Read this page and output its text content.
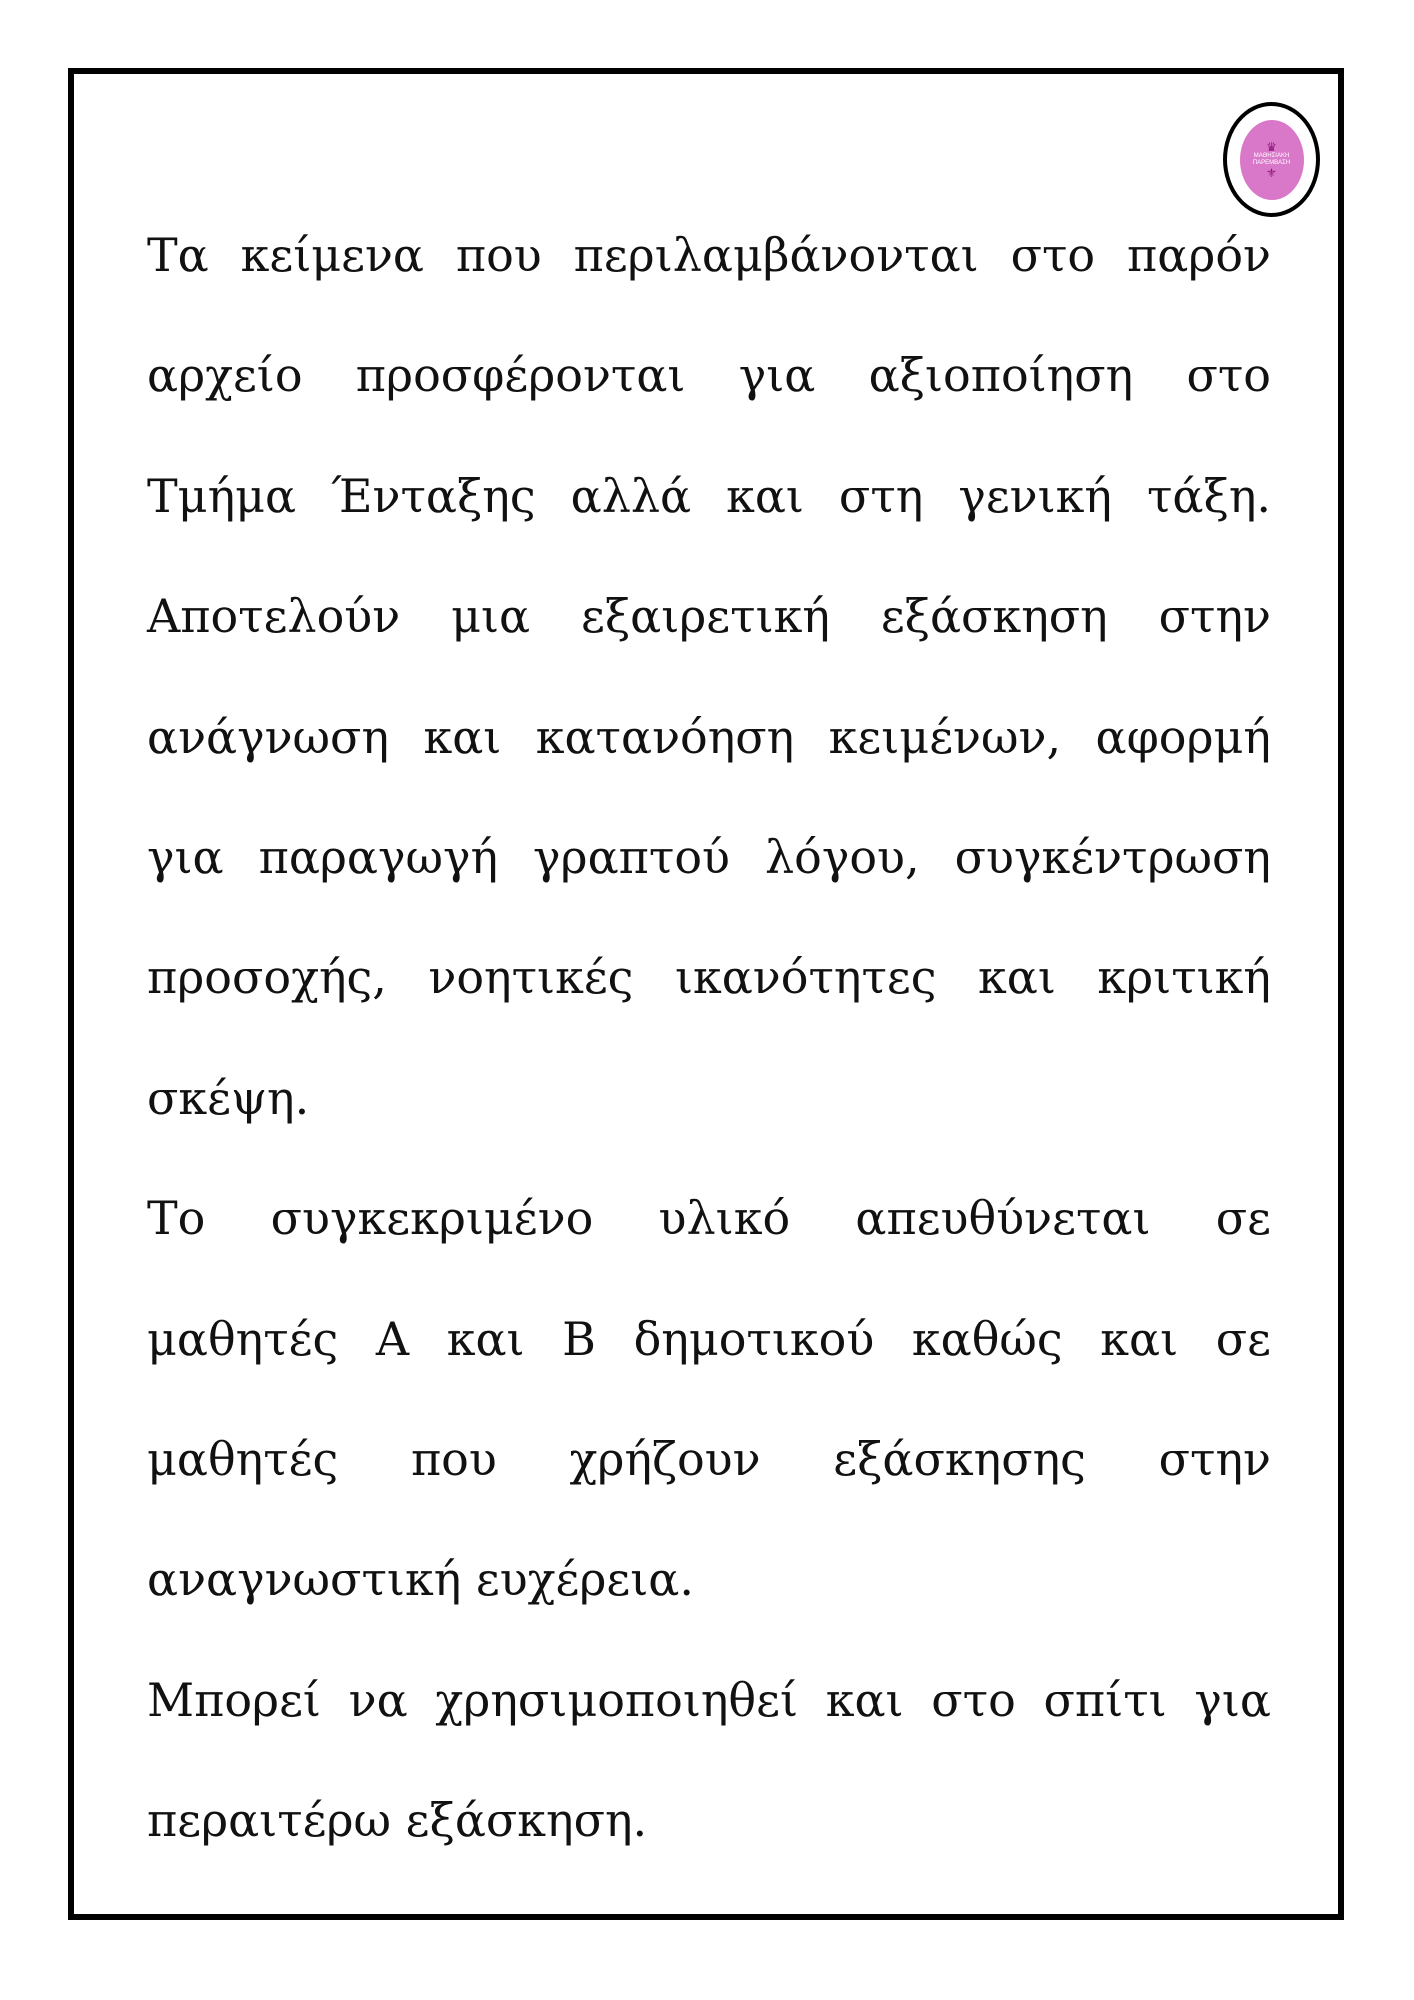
♛
ΜΑΘΗΣΙΑΚΗ
ΠΑΡΕΜΒΑΣΗ
⚜
Τα κείμενα που περιλαμβάνονται στο παρόν
αρχείο προσφέρονται για αξιοποίηση στο
Τμήμα Ένταξης αλλά και στη γενική τάξη.
Αποτελούν μια εξαιρετική εξάσκηση στην
ανάγνωση και κατανόηση κειμένων, αφορμή
για παραγωγή γραπτού λόγου, συγκέντρωση
προσοχής, νοητικές ικανότητες και κριτική
σκέψη.
Το συγκεκριμένο υλικό απευθύνεται σε
μαθητές Α και Β δημοτικού καθώς και σε
μαθητές που χρήζουν εξάσκησης στην
αναγνωστική ευχέρεια.
Μπορεί να χρησιμοποιηθεί και στο σπίτι για
περαιτέρω εξάσκηση.
